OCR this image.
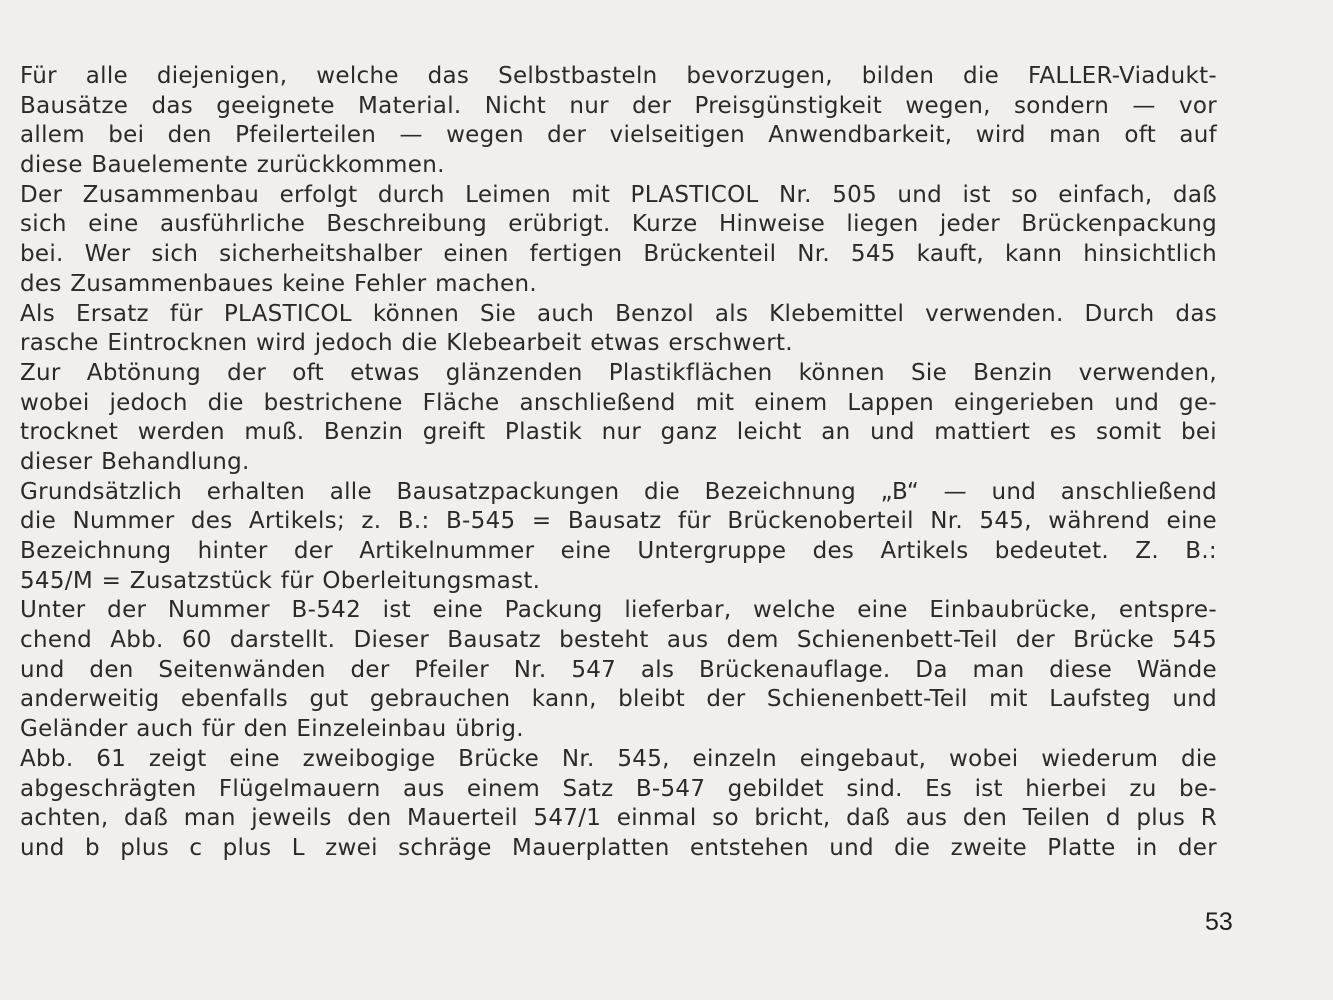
Für alle diejenigen, welche das Selbstbasteln bevorzugen, bilden die FALLER-Viadukt-
Bausätze das geeignete Material. Nicht nur der Preisgünstigkeit wegen, sondern — vor
allem bei den Pfeilerteilen — wegen der vielseitigen Anwendbarkeit, wird man oft auf
diese Bauelemente zurückkommen.
Der Zusammenbau erfolgt durch Leimen mit PLASTICOL Nr. 505 und ist so einfach, daß
sich eine ausführliche Beschreibung erübrigt. Kurze Hinweise liegen jeder Brückenpackung
bei. Wer sich sicherheitshalber einen fertigen Brückenteil Nr. 545 kauft, kann hinsichtlich
des Zusammenbaues keine Fehler machen.
Als Ersatz für PLASTICOL können Sie auch Benzol als Klebemittel verwenden. Durch das
rasche Eintrocknen wird jedoch die Klebearbeit etwas erschwert.
Zur Abtönung der oft etwas glänzenden Plastikflächen können Sie Benzin verwenden,
wobei jedoch die bestrichene Fläche anschließend mit einem Lappen eingerieben und ge-
trocknet werden muß. Benzin greift Plastik nur ganz leicht an und mattiert es somit bei
dieser Behandlung.
Grundsätzlich erhalten alle Bausatzpackungen die Bezeichnung „B“ — und anschließend
die Nummer des Artikels; z. B.: B-545 = Bausatz für Brückenoberteil Nr. 545, während eine
Bezeichnung hinter der Artikelnummer eine Untergruppe des Artikels bedeutet. Z. B.:
545/M = Zusatzstück für Oberleitungsmast.
Unter der Nummer B-542 ist eine Packung lieferbar, welche eine Einbaubrücke, entspre-
chend Abb. 60 darstellt. Dieser Bausatz besteht aus dem Schienenbett-Teil der Brücke 545
und den Seitenwänden der Pfeiler Nr. 547 als Brückenauflage. Da man diese Wände
anderweitig ebenfalls gut gebrauchen kann, bleibt der Schienenbett-Teil mit Laufsteg und
Geländer auch für den Einzeleinbau übrig.
Abb. 61 zeigt eine zweibogige Brücke Nr. 545, einzeln eingebaut, wobei wiederum die
abgeschrägten Flügelmauern aus einem Satz B-547 gebildet sind. Es ist hierbei zu be-
achten, daß man jeweils den Mauerteil 547/1 einmal so bricht, daß aus den Teilen d plus R
und b plus c plus L zwei schräge Mauerplatten entstehen und die zweite Platte in der
53
